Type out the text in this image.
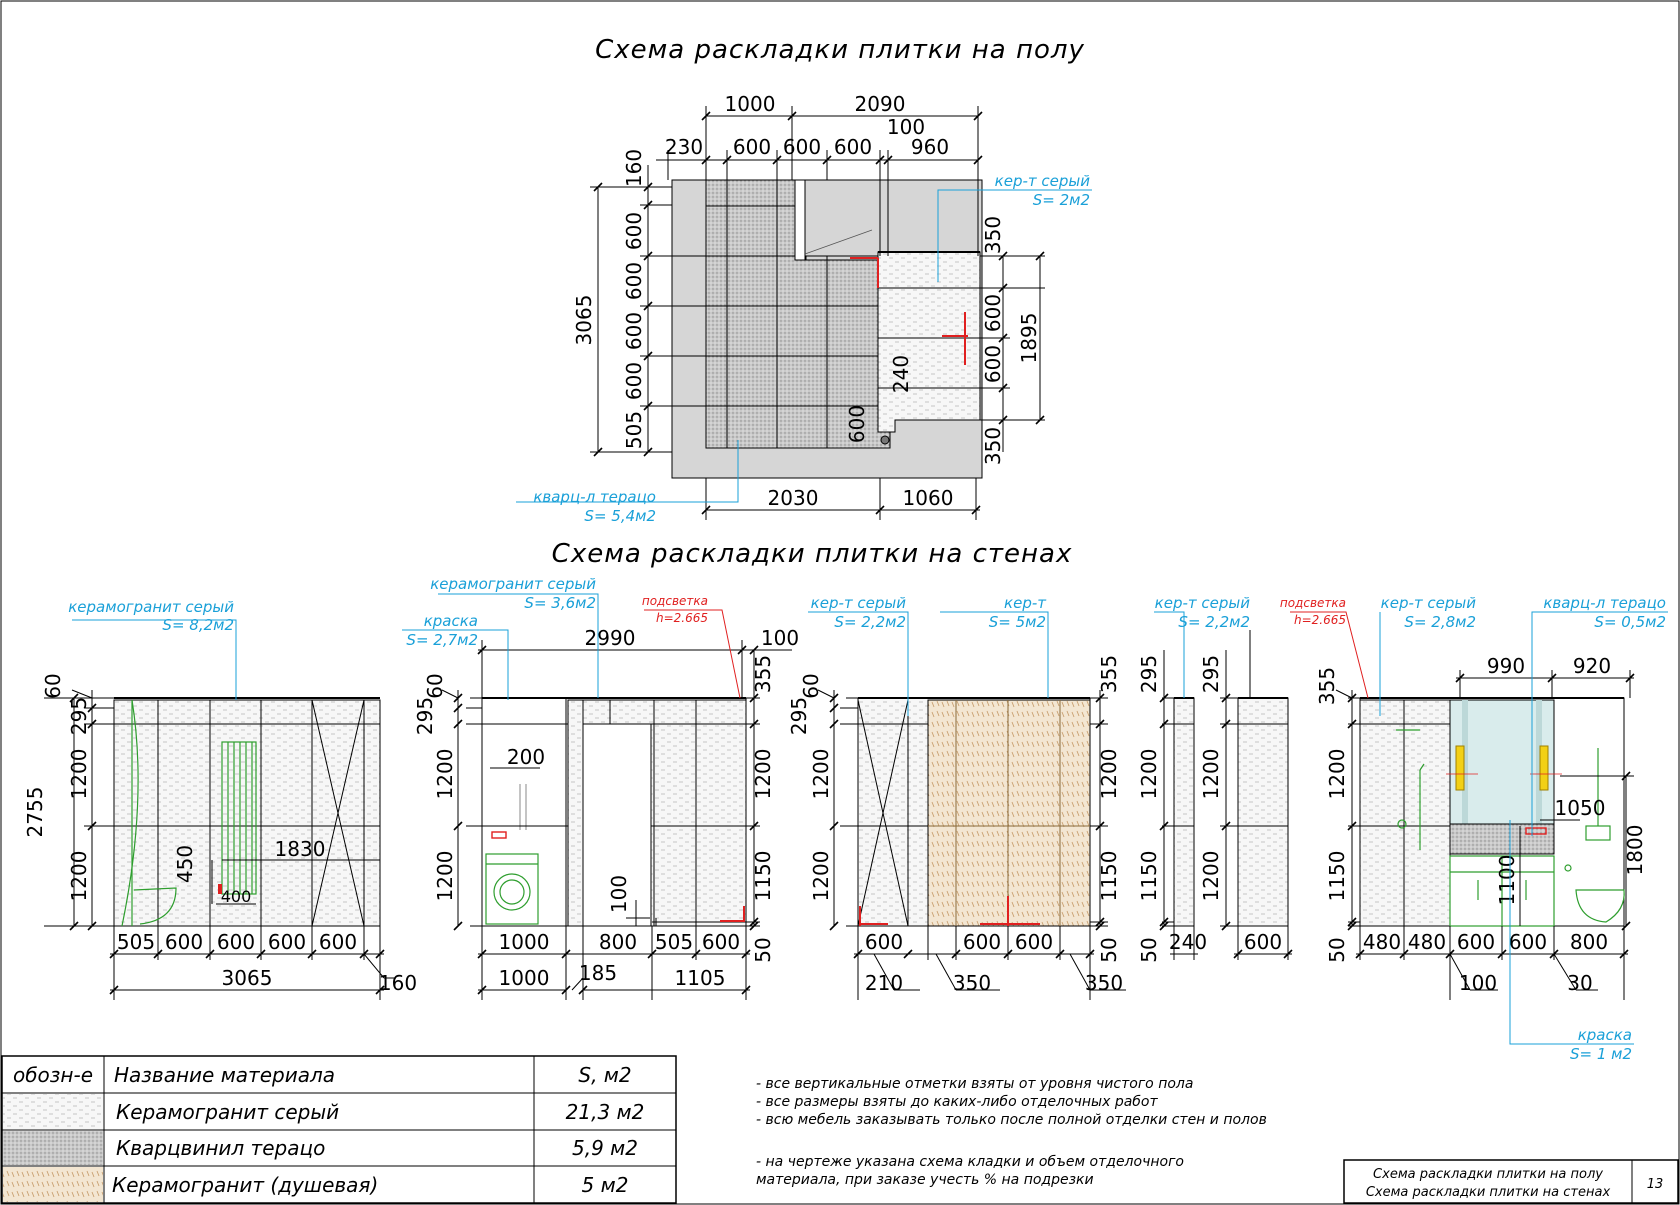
Схема раскладки плитки на полу
Схема раскладки плитки на стенах
1000	2090
230 600 600 600
100
960
160
600
600
600
600
505
3065
350
600
600
350
1895
2030	1060
240
600
кер-т серый
S= 2м2
кварц-л терацо
S= 5,4м2
60
295
1200
1200
2755
505 600 600 600 600
3065	160
1830
450
400
керамогранит серый
S= 8,2м2
2990	100
60
295
1200
1200
355
1200
1150
50
1000 800 505 600
1000 185	1105
200
100
керамогранит серый
S= 3,6м2
краска
S= 2,7м2
подсветка
h=2.665
60
295
1200
1200
355
1200
1150
50
600	600 600
210 350	350
кер-т серый
S= 2,2м2
кер-т
S= 5м2
295
1200
1150
50 240
кер-т серый
S= 2,2м2
295
1200
1200
600
990 920
355
1200
1150
50 480 480 600 600 800
100	30
1050
1100
1800
подсветка
h=2.665
кер-т серый
S= 2,8м2
кварц-л терацо
S= 0,5м2
краска
S= 1 м2
обозн-е Название материала	S, м2
Керамогранит серый	21,3 м2
Кварцвинил терацо	5,9 м2
Керамогранит (душевая)	5 м2
- все вертикальные отметки взяты от уровня чистого пола
- все размеры взяты до каких-либо отделочных работ
- всю мебель заказывать только после полной отделки стен и полов
- на чертеже указана схема кладки и объем отделочного
материала, при заказе учесть % на подрезки	Схема раскладки плитки на полу
Схема раскладки плитки на стенах
13
